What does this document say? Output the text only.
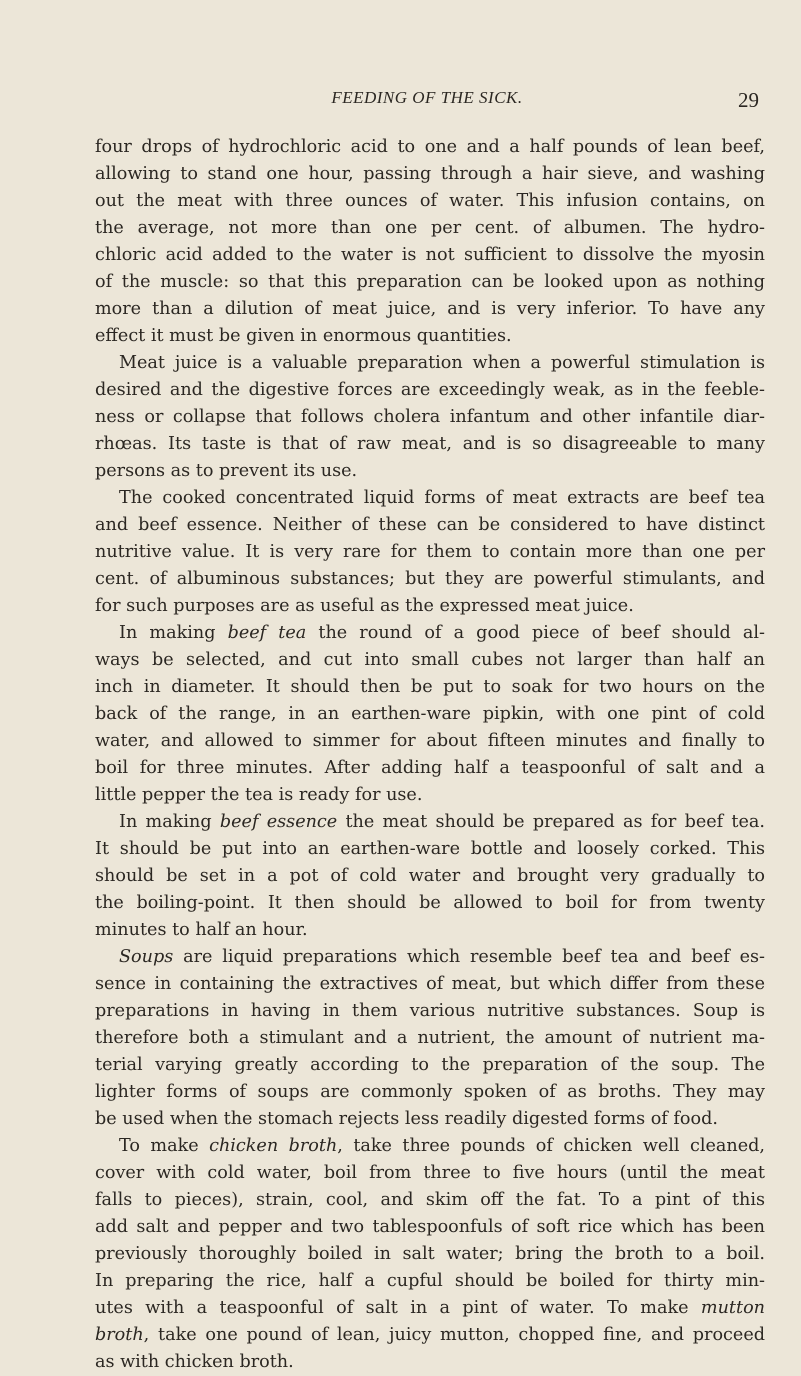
FEEDING OF THE SICK.	29
four drops of hydrochloric acid to one and a half pounds of lean beef,
allowing to stand one hour, passing through a hair sieve, and washing
out the meat with three ounces of water. This infusion contains, on
the average, not more than one per cent. of albumen. The hydro-
chloric acid added to the water is not sufficient to dissolve the myosin
of the muscle: so that this preparation can be looked upon as nothing
more than a dilution of meat juice, and is very inferior. To have any
effect it must be given in enormous quantities.
Meat juice is a valuable preparation when a powerful stimulation is
desired and the digestive forces are exceedingly weak, as in the feeble-
ness or collapse that follows cholera infantum and other infantile diar-
rhœas. Its taste is that of raw meat, and is so disagreeable to many
persons as to prevent its use.
The cooked concentrated liquid forms of meat extracts are beef tea
and beef essence. Neither of these can be considered to have distinct
nutritive value. It is very rare for them to contain more than one per
cent. of albuminous substances; but they are powerful stimulants, and
for such purposes are as useful as the expressed meat juice.
In making beef tea the round of a good piece of beef should al-
ways be selected, and cut into small cubes not larger than half an
inch in diameter. It should then be put to soak for two hours on the
back of the range, in an earthen-ware pipkin, with one pint of cold
water, and allowed to simmer for about fifteen minutes and finally to
boil for three minutes. After adding half a teaspoonful of salt and a
little pepper the tea is ready for use.
In making beef essence the meat should be prepared as for beef tea.
It should be put into an earthen-ware bottle and loosely corked. This
should be set in a pot of cold water and brought very gradually to
the boiling-point. It then should be allowed to boil for from twenty
minutes to half an hour.
Soups are liquid preparations which resemble beef tea and beef es-
sence in containing the extractives of meat, but which differ from these
preparations in having in them various nutritive substances. Soup is
therefore both a stimulant and a nutrient, the amount of nutrient ma-
terial varying greatly according to the preparation of the soup. The
lighter forms of soups are commonly spoken of as broths. They may
be used when the stomach rejects less readily digested forms of food.
To make chicken broth, take three pounds of chicken well cleaned,
cover with cold water, boil from three to five hours (until the meat
falls to pieces), strain, cool, and skim off the fat. To a pint of this
add salt and pepper and two tablespoonfuls of soft rice which has been
previously thoroughly boiled in salt water; bring the broth to a boil.
In preparing the rice, half a cupful should be boiled for thirty min-
utes with a teaspoonful of salt in a pint of water. To make mutton
broth, take one pound of lean, juicy mutton, chopped fine, and proceed
as with chicken broth.
